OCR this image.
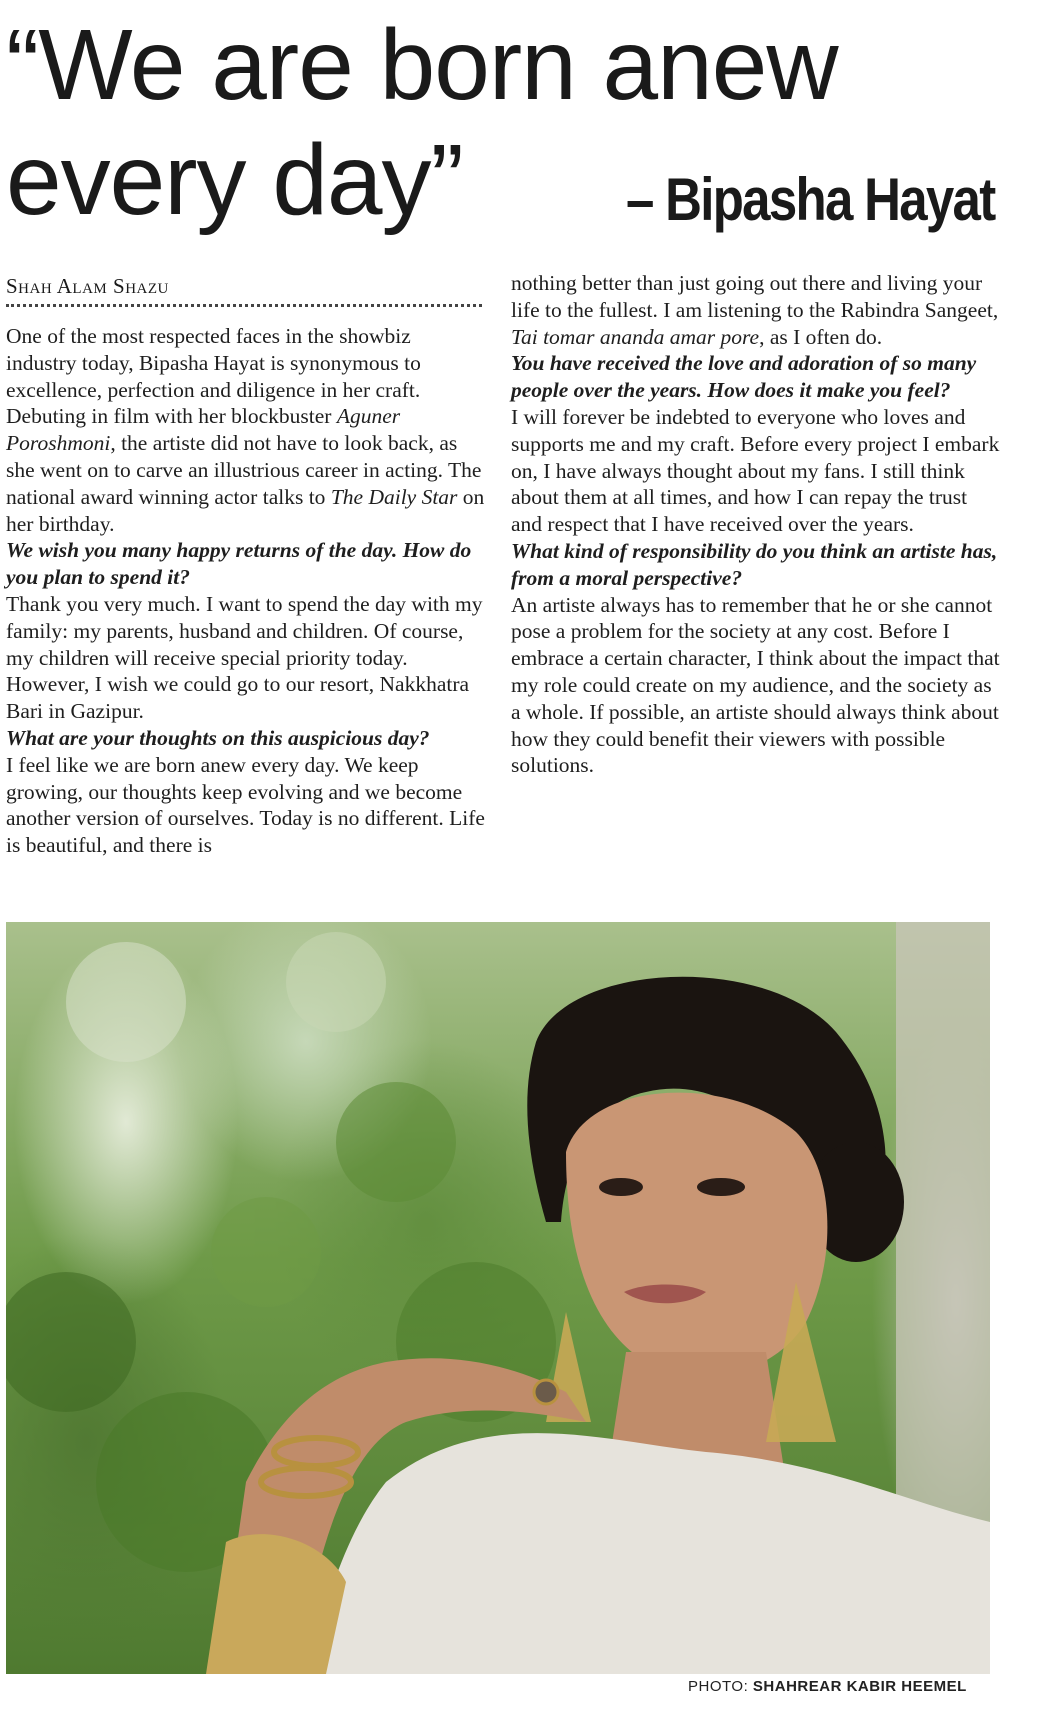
“We are born anew
every day”	– Bipasha Hayat
Shah Alam Shazu

One of the most respected faces in the showbiz industry today, Bipasha Hayat is synonymous to excellence, perfection and diligence in her craft. Debuting in film with her blockbuster Aguner Poroshmoni, the artiste did not have to look back, as she went on to carve an illustrious career in acting. The national award winning actor talks to The Daily Star on her birthday.

We wish you many happy returns of the day. How do you plan to spend it?

Thank you very much. I want to spend the day with my family: my parents, husband and children. Of course, my children will receive special priority today. However, I wish we could go to our resort, Nakkhatra Bari in Gazipur.

What are your thoughts on this auspicious day?

I feel like we are born anew every day. We keep growing, our thoughts keep evolving and we become another version of ourselves. Today is no different. Life is beautiful, and there is

nothing better than just going out there and living your life to the fullest. I am listening to the Rabindra Sangeet, Tai tomar ananda amar pore, as I often do.

You have received the love and adoration of so many people over the years. How does it make you feel?

I will forever be indebted to everyone who loves and supports me and my craft. Before every project I embark on, I have always thought about my fans. I still think about them at all times, and how I can repay the trust and respect that I have received over the years.

What kind of responsibility do you think an artiste has, from a moral perspective?

An artiste always has to remember that he or she cannot pose a problem for the society at any cost. Before I embrace a certain character, I think about the impact that my role could create on my audience, and the society as a whole. If possible, an artiste should always think about how they could benefit their viewers with possible solutions.

PHOTO: SHAHREAR KABIR HEEMEL
